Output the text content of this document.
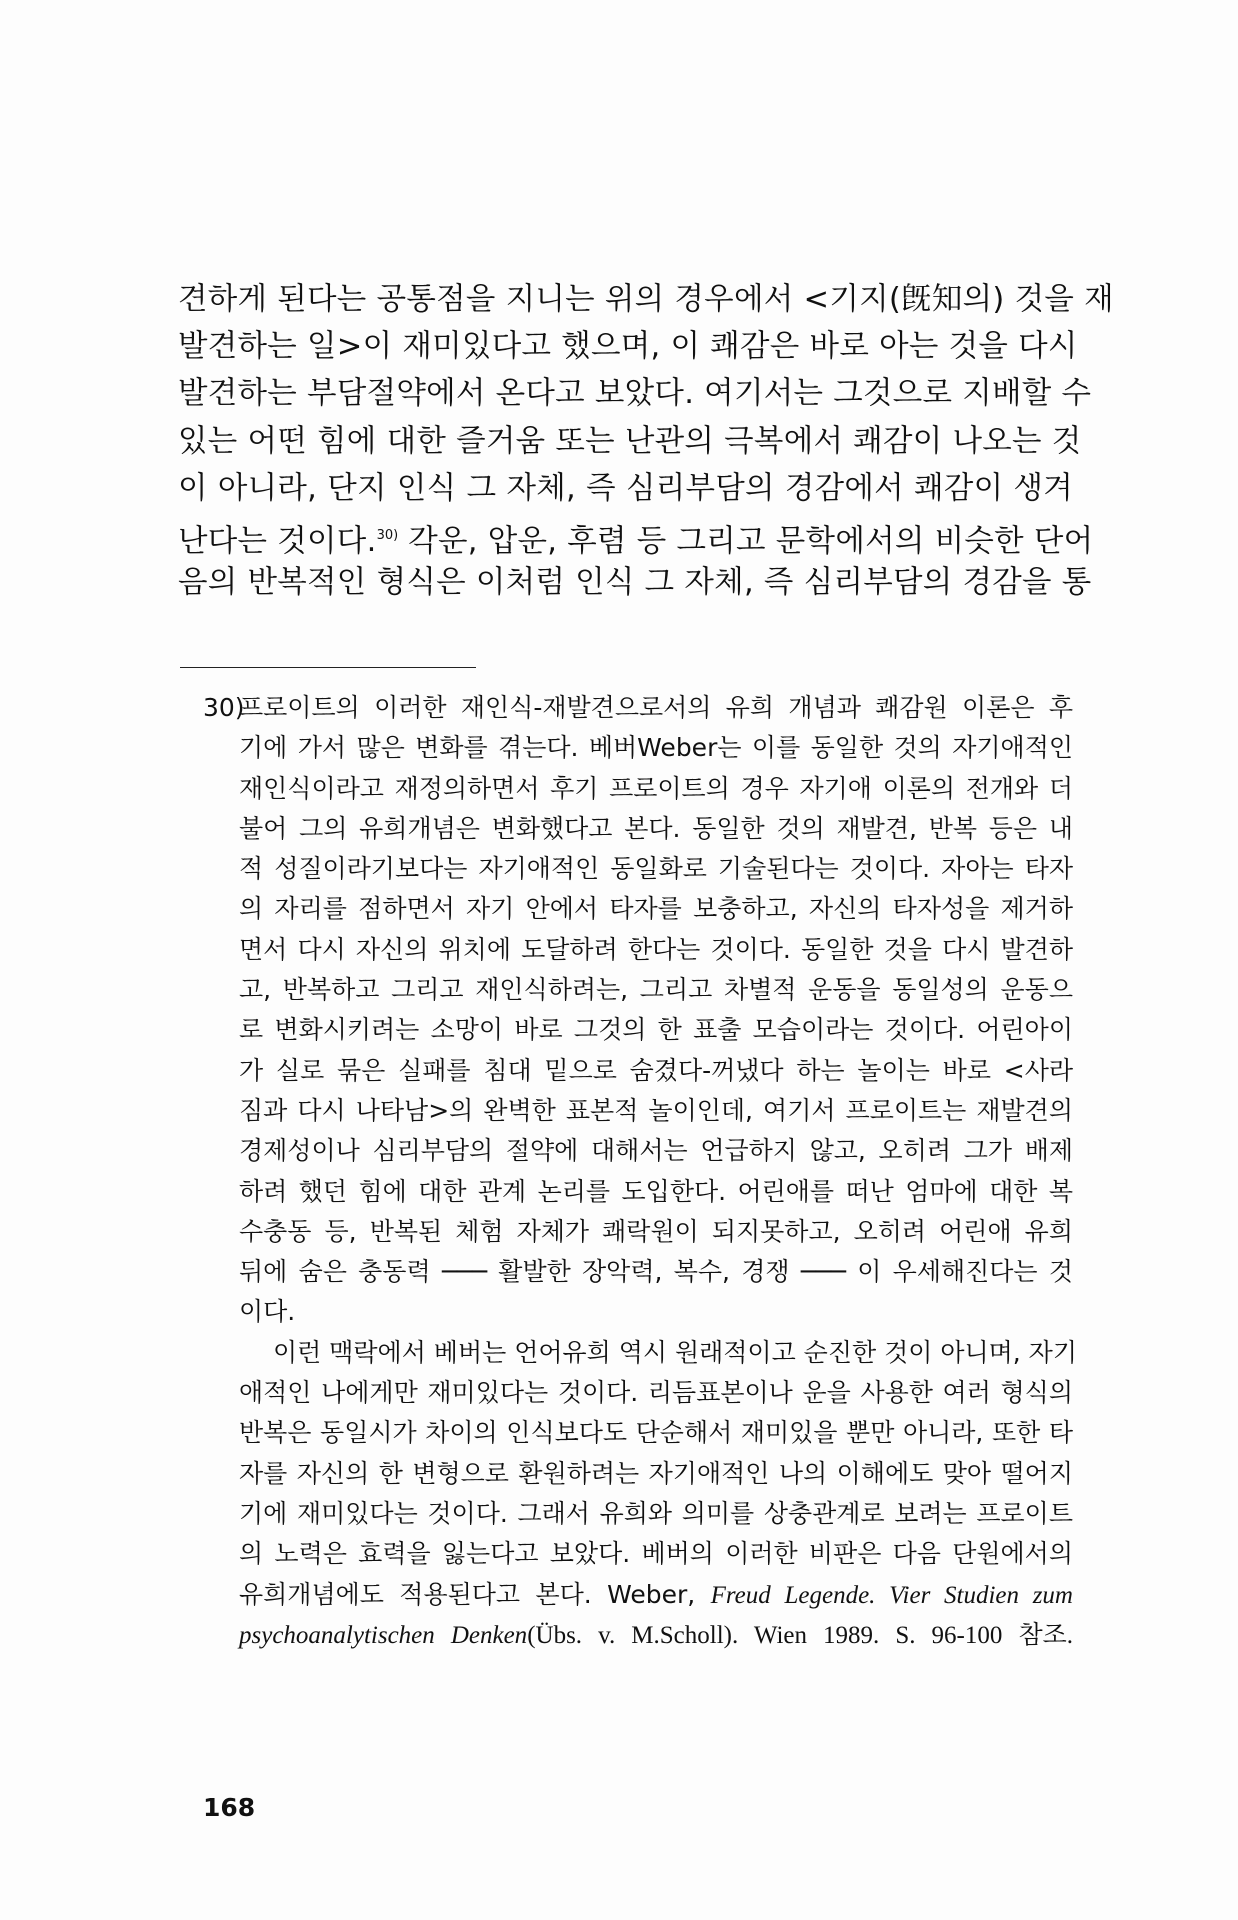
견하게 된다는 공통점을 지니는 위의 경우에서 <기지(旣知의) 것을 재
발견하는 일>이 재미있다고 했으며, 이 쾌감은 바로 아는 것을 다시
발견하는 부담절약에서 온다고 보았다. 여기서는 그것으로 지배할 수
있는 어떤 힘에 대한 즐거움 또는 난관의 극복에서 쾌감이 나오는 것
이 아니라, 단지 인식 그 자체, 즉 심리부담의 경감에서 쾌감이 생겨
난다는 것이다.$^{30)}$ 각운, 압운, 후렴 등 그리고 문학에서의 비슷한 단어
음의 반복적인 형식은 이처럼 인식 그 자체, 즉 심리부담의 경감을 통
30)프로이트의 이러한 재인식-재발견으로서의 유희 개념과 쾌감원 이론은 후
기에 가서 많은 변화를 겪는다. 베버Weber는 이를 동일한 것의 자기애적인
재인식이라고 재정의하면서 후기 프로이트의 경우 자기애 이론의 전개와 더
불어 그의 유희개념은 변화했다고 본다. 동일한 것의 재발견, 반복 등은 내
적 성질이라기보다는 자기애적인 동일화로 기술된다는 것이다. 자아는 타자
의 자리를 점하면서 자기 안에서 타자를 보충하고, 자신의 타자성을 제거하
면서 다시 자신의 위치에 도달하려 한다는 것이다. 동일한 것을 다시 발견하
고, 반복하고 그리고 재인식하려는, 그리고 차별적 운동을 동일성의 운동으
로 변화시키려는 소망이 바로 그것의 한 표출 모습이라는 것이다. 어린아이
가 실로 묶은 실패를 침대 밑으로 숨겼다-꺼냈다 하는 놀이는 바로 <사라
짐과 다시 나타남>의 완벽한 표본적 놀이인데, 여기서 프로이트는 재발견의
경제성이나 심리부담의 절약에 대해서는 언급하지 않고, 오히려 그가 배제
하려 했던 힘에 대한 관계 논리를 도입한다. 어린애를 떠난 엄마에 대한 복
수충동 등, 반복된 체험 자체가 쾌락원이 되지못하고, 오히려 어린애 유희
뒤에 숨은 충동력 ─── 활발한 장악력, 복수, 경쟁 ─── 이 우세해진다는 것
이다.
이런 맥락에서 베버는 언어유희 역시 원래적이고 순진한 것이 아니며, 자기
애적인 나에게만 재미있다는 것이다. 리듬표본이나 운을 사용한 여러 형식의
반복은 동일시가 차이의 인식보다도 단순해서 재미있을 뿐만 아니라, 또한 타
자를 자신의 한 변형으로 환원하려는 자기애적인 나의 이해에도 맞아 떨어지
기에 재미있다는 것이다. 그래서 유희와 의미를 상충관계로 보려는 프로이트
의 노력은 효력을 잃는다고 보았다. 베버의 이러한 비판은 다음 단원에서의
유희개념에도 적용된다고 본다. Weber, Freud Legende. Vier Studien zum
psychoanalytischen Denken(Übs. v. M.Scholl). Wien 1989. S. 96-100 참조.
168
